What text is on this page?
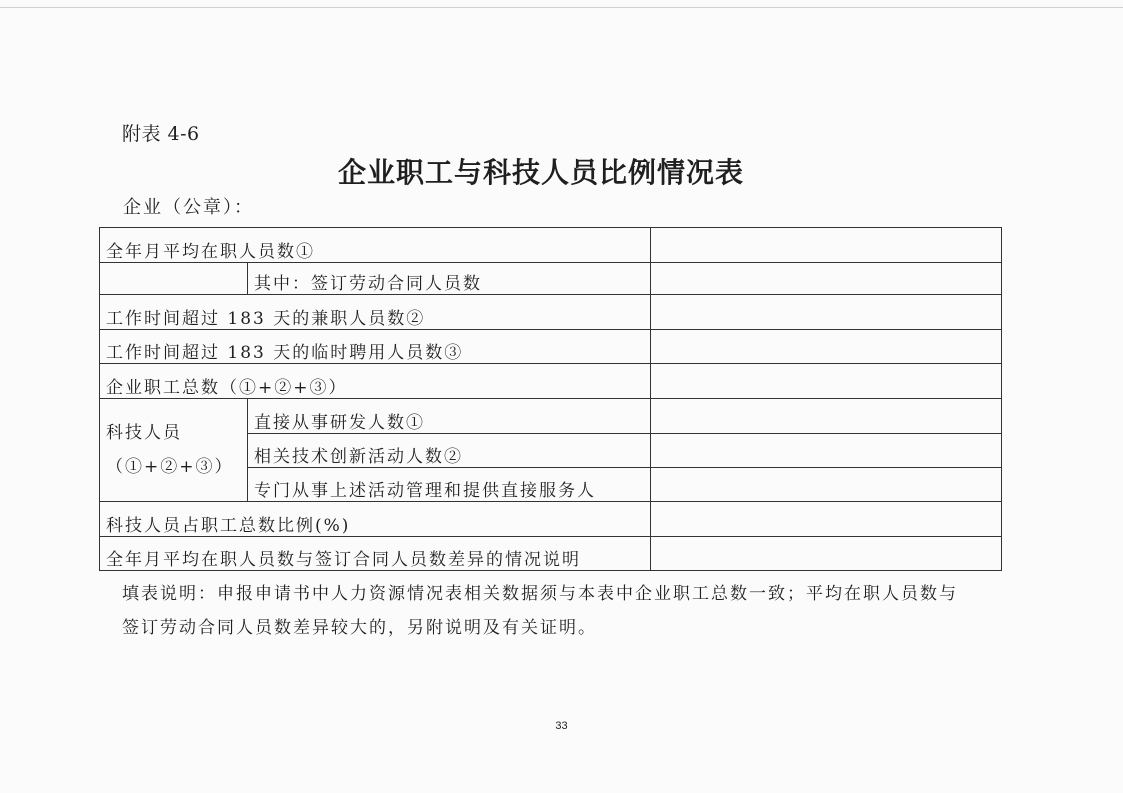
附表 4-6
企业职工与科技人员比例情况表
企业（公章）：
全年月平均在职人员数①		
	其中：签订劳动合同人员数	
工作时间超过 183 天的兼职人员数②		
工作时间超过 183 天的临时聘用人员数③		
企业职工总数（①+②+③）		
科技人员（①+②+③）	直接从事研发人数①	
	相关技术创新活动人数②	
	专门从事上述活动管理和提供直接服务人	
科技人员占职工总数比例(%)		
全年月平均在职人员数与签订合同人员数差异的情况说明		
填表说明：申报申请书中人力资源情况表相关数据须与本表中企业职工总数一致；平均在职人员数与签订劳动合同人员数差异较大的，另附说明及有关证明。
33
